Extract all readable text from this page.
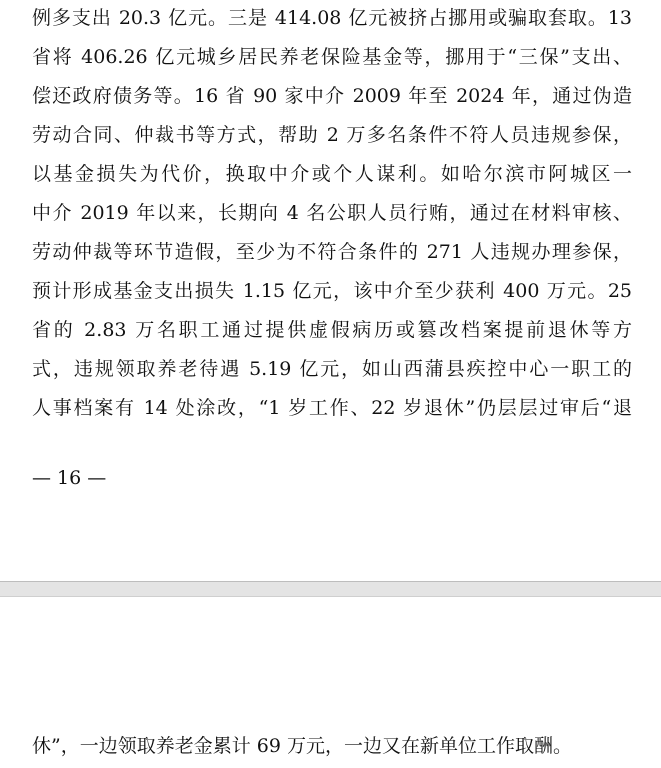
例多支出 20.3 亿元。三是 414.08 亿元被挤占挪用或骗取套取。13
省将 406.26 亿元城乡居民养老保险基金等，挪用于“三保”支出、
偿还政府债务等。16 省 90 家中介 2009 年至 2024 年，通过伪造
劳动合同、仲裁书等方式，帮助 2 万多名条件不符人员违规参保，
以基金损失为代价，换取中介或个人谋利。如哈尔滨市阿城区一
中介 2019 年以来，长期向 4 名公职人员行贿，通过在材料审核、
劳动仲裁等环节造假，至少为不符合条件的 271 人违规办理参保，
预计形成基金支出损失 1.15 亿元，该中介至少获利 400 万元。25
省的 2.83 万名职工通过提供虚假病历或篡改档案提前退休等方
式，违规领取养老待遇 5.19 亿元，如山西蒲县疾控中心一职工的
人事档案有 14 处涂改，“1 岁工作、22 岁退休”仍层层过审后“退
— 16 —
休”，一边领取养老金累计 69 万元，一边又在新单位工作取酬。
